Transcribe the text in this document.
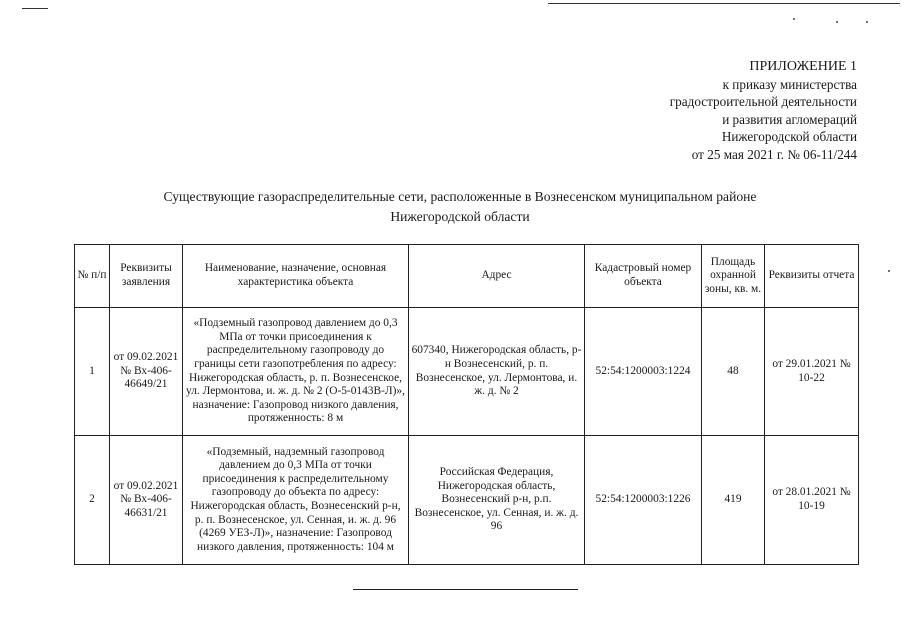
ПРИЛОЖЕНИЕ 1
к приказу министерства
градостроительной деятельности
и развития агломераций
Нижегородской области
от 25 мая 2021 г. № 06-11/244
Существующие газораспределительные сети, расположенные в Вознесенском муниципальном районе
Нижегородской области
№ п/п	Реквизиты заявления	Наименование, назначение, основная характеристика объекта	Адрес	Кадастровый номер объекта	Площадь охранной зоны, кв. м.	Реквизиты отчета
1	от 09.02.2021 № Вх-406-46649/21	«Подземный газопровод давлением до 0,3 МПа от точки присоединения к распределительному газопроводу до границы сети газопотребления по адресу: Нижегородская область, р. п. Вознесенское, ул. Лермонтова, и. ж. д. № 2 (О-5-0143В-Л)», назначение: Газопровод низкого давления, протяженность: 8 м	607340, Нижегородская область, р-н Вознесенский, р. п. Вознесенское, ул. Лермонтова, и. ж. д. № 2	52:54:1200003:1224	48	от 29.01.2021 № 10-22
2	от 09.02.2021 № Вх-406-46631/21	«Подземный, надземный газопровод давлением до 0,3 МПа от точки присоединения к распределительному газопроводу до объекта по адресу: Нижегородская область, Вознесенский р-н, р. п. Вознесенское, ул. Сенная, и. ж. д. 96 (4269 УЕЗ-Л)», назначение: Газопровод низкого давления, протяженность: 104 м	Российская Федерация, Нижегородская область, Вознесенский р-н, р.п. Вознесенское, ул. Сенная, и. ж. д. 96	52:54:1200003:1226	419	от 28.01.2021 № 10-19
